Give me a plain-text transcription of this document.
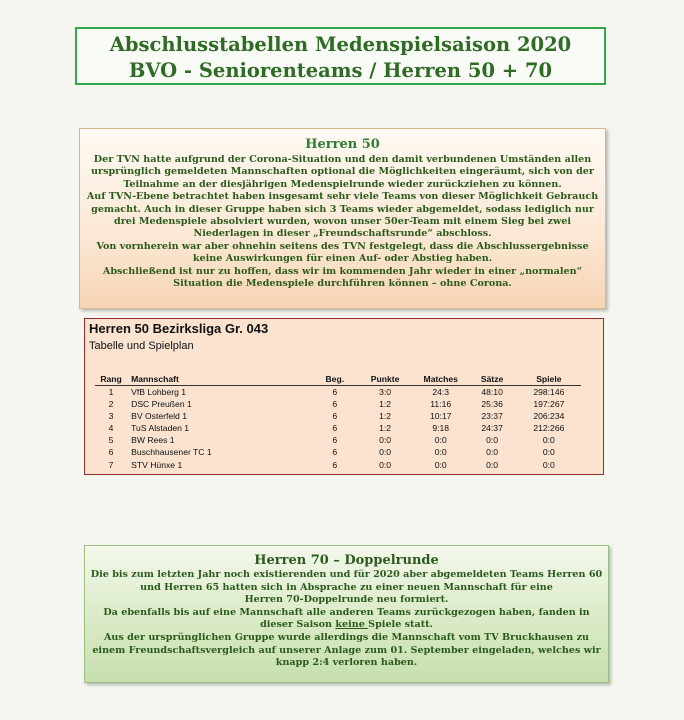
Abschlusstabellen Medenspielsaison 2020
BVO - Seniorenteams / Herren 50 + 70
Herren 50
Der TVN hatte aufgrund der Corona-Situation und den damit verbundenen Umständen allen
ursprünglich gemeldeten Mannschaften optional die Möglichkeiten eingeräumt, sich von der
Teilnahme an der diesjährigen Medenspielrunde wieder zurückziehen zu können.
Auf TVN-Ebene betrachtet haben insgesamt sehr viele Teams von dieser Möglichkeit Gebrauch
gemacht. Auch in dieser Gruppe haben sich 3 Teams wieder abgemeldet, sodass lediglich nur
drei Medenspiele absolviert wurden, wovon unser 50er-Team mit einem Sieg bei zwei
Niederlagen in dieser „Freundschaftsrunde“ abschloss.
Von vornherein war aber ohnehin seitens des TVN festgelegt, dass die Abschlussergebnisse
keine Auswirkungen für einen Auf- oder Abstieg haben.
Abschließend ist nur zu hoffen, dass wir im kommenden Jahr wieder in einer „normalen“
Situation die Medenspiele durchführen können – ohne Corona.
Herren 50 Bezirksliga Gr. 043
Tabelle und Spielplan
Rang	Mannschaft	Beg.	Punkte	Matches	Sätze	Spiele
1	VfB Lohberg 1	6	3:0	24:3	48:10	298:146
2	DSC Preußen 1	6	1:2	11:16	25:36	197:267
3	BV Osterfeld 1	6	1:2	10:17	23:37	206:234
4	TuS Alstaden 1	6	1:2	9:18	24:37	212:266
5	BW Rees 1	6	0:0	0:0	0:0	0:0
6	Buschhausener TC 1	6	0:0	0:0	0:0	0:0
7	STV Hünxe 1	6	0:0	0:0	0:0	0:0
Herren 70 – Doppelrunde
Die bis zum letzten Jahr noch existierenden und für 2020 aber abgemeldeten Teams Herren 60
und Herren 65 hatten sich in Absprache zu einer neuen Mannschaft für eine
Herren 70-Doppelrunde neu formiert.
Da ebenfalls bis auf eine Mannschaft alle anderen Teams zurückgezogen haben, fanden in
dieser Saison keine Spiele statt.
Aus der ursprünglichen Gruppe wurde allerdings die Mannschaft vom TV Bruckhausen zu
einem Freundschaftsvergleich auf unserer Anlage zum 01. September eingeladen, welches wir
knapp 2:4 verloren haben.
